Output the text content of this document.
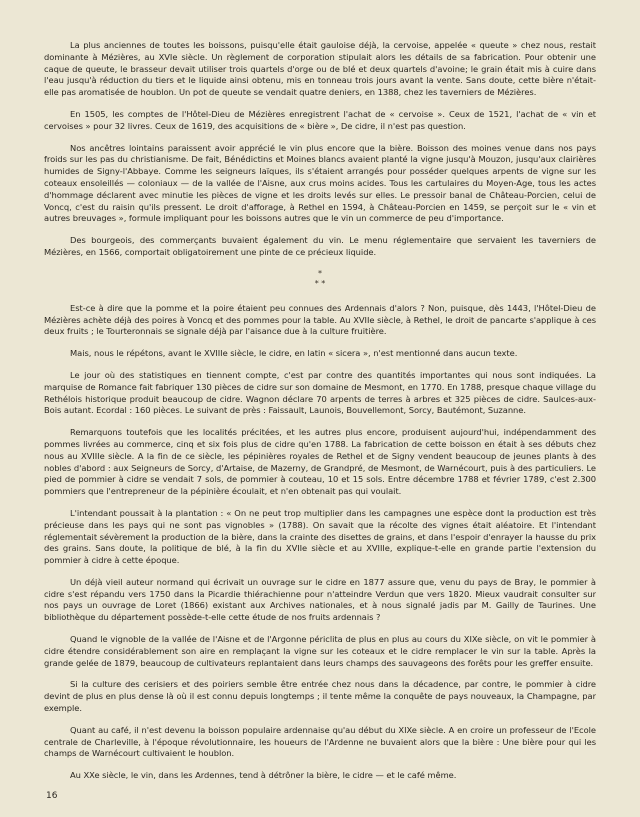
La plus anciennes de toutes les boissons, puisqu'elle était gauloise déjà, la cervoise, appelée « queute » chez nous, restait dominante à Mézières, au XVIe siècle. Un règlement de corporation stipulait alors les détails de sa fabrication. Pour obtenir une caque de queute, le brasseur devait utiliser trois quartels d'orge ou de blé et deux quartels d'avoine; le grain était mis à cuire dans l'eau jusqu'à réduction du tiers et le liquide ainsi obtenu, mis en tonneau trois jours avant la vente. Sans doute, cette bière n'était-elle pas aromatisée de houblon. Un pot de queute se vendait quatre deniers, en 1388, chez les taverniers de Mézières.

En 1505, les comptes de l'Hôtel-Dieu de Mézières enregistrent l'achat de « cervoise ». Ceux de 1521, l'achat de « vin et cervoises » pour 32 livres. Ceux de 1619, des acquisitions de « bière », De cidre, il n'est pas question.

Nos ancêtres lointains paraissent avoir apprécié le vin plus encore que la bière. Boisson des moines venue dans nos pays froids sur les pas du christianisme. De fait, Bénédictins et Moines blancs avaient planté la vigne jusqu'à Mouzon, jusqu'aux clairières humides de Signy-l'Abbaye. Comme les seigneurs laïques, ils s'étaient arrangés pour posséder quelques arpents de vigne sur les coteaux ensoleillés — coloniaux — de la vallée de l'Aisne, aux crus moins acides. Tous les cartulaires du Moyen-Age, tous les actes d'hommage déclarent avec minutie les pièces de vigne et les droits levés sur elles. Le pressoir banal de Château-Porcien, celui de Voncq, c'est du raisin qu'ils pressent. Le droit d'afforage, à Rethel en 1594, à Château-Porcien en 1459, se perçoit sur le « vin et autres breuvages », formule impliquant pour les boissons autres que le vin un commerce de peu d'importance.

Des bourgeois, des commerçants buvaient également du vin. Le menu réglementaire que servaient les taverniers de Mézières, en 1566, comportait obligatoirement une pinte de ce précieux liquide.

*
* *

Est-ce à dire que la pomme et la poire étaient peu connues des Ardennais d'alors ? Non, puisque, dès 1443, l'Hôtel-Dieu de Mézières achète déjà des poires à Voncq et des pommes pour la table. Au XVIIe siècle, à Rethel, le droit de pancarte s'applique à ces deux fruits ; le Tourteronnais se signale déjà par l'aisance due à la culture fruitière.

Mais, nous le répétons, avant le XVIIIe siècle, le cidre, en latin « sicera », n'est mentionné dans aucun texte.

Le jour où des statistiques en tiennent compte, c'est par contre des quantités importantes qui nous sont indiquées. La marquise de Romance fait fabriquer 130 pièces de cidre sur son domaine de Mesmont, en 1770. En 1788, presque chaque village du Rethélois historique produit beaucoup de cidre. Wagnon déclare 70 arpents de terres à arbres et 325 pièces de cidre. Saulces-aux-Bois autant. Ecordal : 160 pièces. Le suivant de près : Faissault, Launois, Bouvellemont, Sorcy, Bautémont, Suzanne.

Remarquons toutefois que les localités précitées, et les autres plus encore, produisent aujourd'hui, indépendamment des pommes livrées au commerce, cinq et six fois plus de cidre qu'en 1788. La fabrication de cette boisson en était à ses débuts chez nous au XVIIIe siècle. A la fin de ce siècle, les pépinières royales de Rethel et de Signy vendent beaucoup de jeunes plants à des nobles d'abord : aux Seigneurs de Sorcy, d'Artaise, de Mazerny, de Grandpré, de Mesmont, de Warnécourt, puis à des particuliers. Le pied de pommier à cidre se vendait 7 sols, de pommier à couteau, 10 et 15 sols. Entre décembre 1788 et février 1789, c'est 2.300 pommiers que l'entrepreneur de la pépinière écoulait, et n'en obtenait pas qui voulait.

L'intendant poussait à la plantation : « On ne peut trop multiplier dans les campagnes une espèce dont la production est très précieuse dans les pays qui ne sont pas vignobles » (1788). On savait que la récolte des vignes était aléatoire. Et l'intendant réglementait sévèrement la production de la bière, dans la crainte des disettes de grains, et dans l'espoir d'enrayer la hausse du prix des grains. Sans doute, la politique de blé, à la fin du XVIIe siècle et au XVIIIe, explique-t-elle en grande partie l'extension du pommier à cidre à cette époque.

Un déjà vieil auteur normand qui écrivait un ouvrage sur le cidre en 1877 assure que, venu du pays de Bray, le pommier à cidre s'est répandu vers 1750 dans la Picardie thiérachienne pour n'atteindre Verdun que vers 1820. Mieux vaudrait consulter sur nos pays un ouvrage de Loret (1866) existant aux Archives nationales, et à nous signalé jadis par M. Gailly de Taurines. Une bibliothèque du département possède-t-elle cette étude de nos fruits ardennais ?

Quand le vignoble de la vallée de l'Aisne et de l'Argonne périclita de plus en plus au cours du XIXe siècle, on vit le pommier à cidre étendre considérablement son aire en remplaçant la vigne sur les coteaux et le cidre remplacer le vin sur la table. Après la grande gelée de 1879, beaucoup de cultivateurs replantaient dans leurs champs des sauvageons des forêts pour les greffer ensuite.

Si la culture des cerisiers et des poiriers semble être entrée chez nous dans la décadence, par contre, le pommier à cidre devint de plus en plus dense là où il est connu depuis longtemps ; il tente même la conquête de pays nouveaux, la Champagne, par exemple.

Quant au café, il n'est devenu la boisson populaire ardennaise qu'au début du XIXe siècle. A en croire un professeur de l'Ecole centrale de Charleville, à l'époque révolutionnaire, les houeurs de l'Ardenne ne buvaient alors que la bière : Une bière pour qui les champs de Warnécourt cultivaient le houblon.

Au XXe siècle, le vin, dans les Ardennes, tend à détrôner la bière, le cidre — et le café même.

16
